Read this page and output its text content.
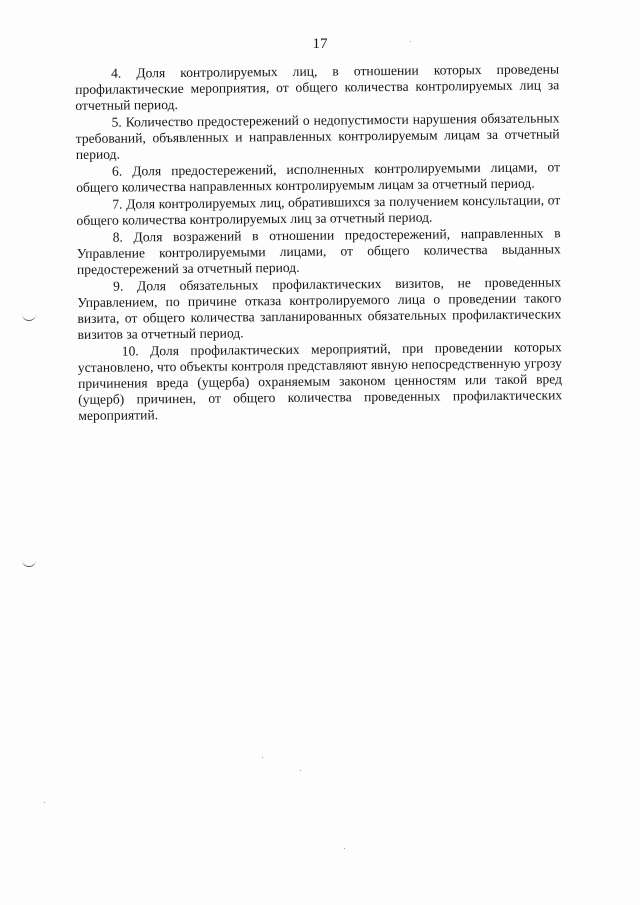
17

4. Доля контролируемых лиц, в отношении которых проведены профилактические мероприятия, от общего количества контролируемых лиц за отчетный период.

5. Количество предостережений о недопустимости нарушения обязательных требований, объявленных и направленных контролируемым лицам за отчетный период.

6. Доля предостережений, исполненных контролируемыми лицами, от общего количества направленных контролируемым лицам за отчетный период.

7. Доля контролируемых лиц, обратившихся за получением консультации, от общего количества контролируемых лиц за отчетный период.

8. Доля возражений в отношении предостережений, направленных в Управление контролируемыми лицами, от общего количества выданных предостережений за отчетный период.

9. Доля обязательных профилактических визитов, не проведенных Управлением, по причине отказа контролируемого лица о проведении такого визита, от общего количества запланированных обязательных профилактических визитов за отчетный период.

10. Доля профилактических мероприятий, при проведении которых установлено, что объекты контроля представляют явную непосредственную угрозу причинения вреда (ущерба) охраняемым законом ценностям или такой вред (ущерб) причинен, от общего количества проведенных профилактических мероприятий.
